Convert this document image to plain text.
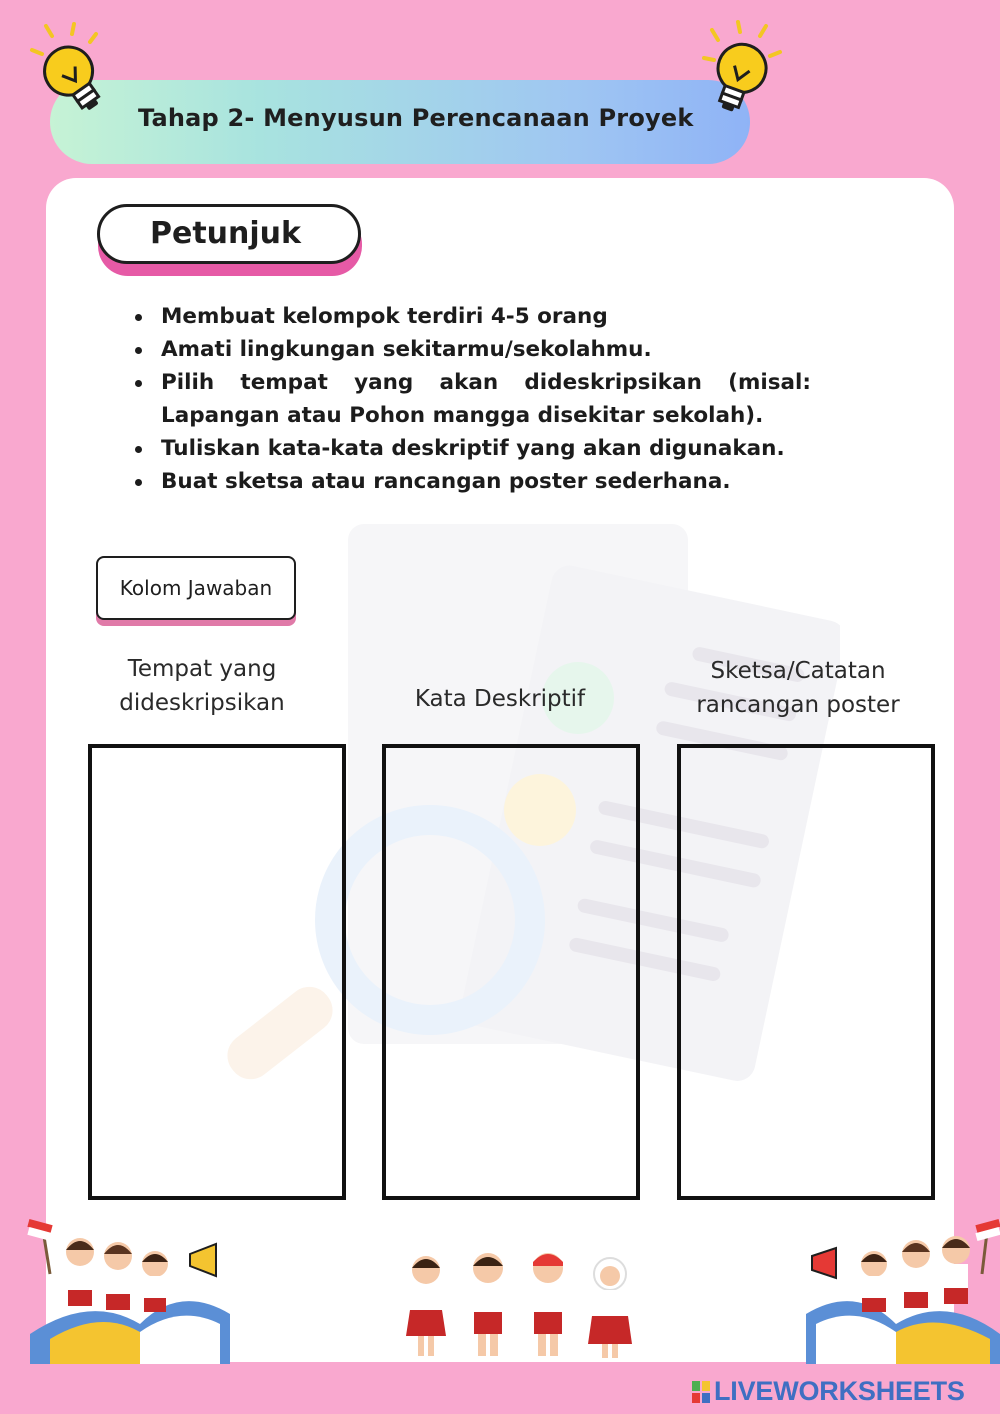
Tahap 2- Menyusun Perencanaan Proyek
Petunjuk
Membuat kelompok terdiri 4-5 orang
Amati lingkungan sekitarmu/sekolahmu.
Pilih tempat yang akan dideskripsikan (misal: Lapangan atau Pohon mangga disekitar sekolah).
Tuliskan kata-kata deskriptif yang akan digunakan.
Buat sketsa atau rancangan poster sederhana.
Kolom Jawaban
Tempat yang dideskripsikan	Kata Deskriptif
Sketsa/Catatan rancangan poster
LIVEWORKSHEETS
